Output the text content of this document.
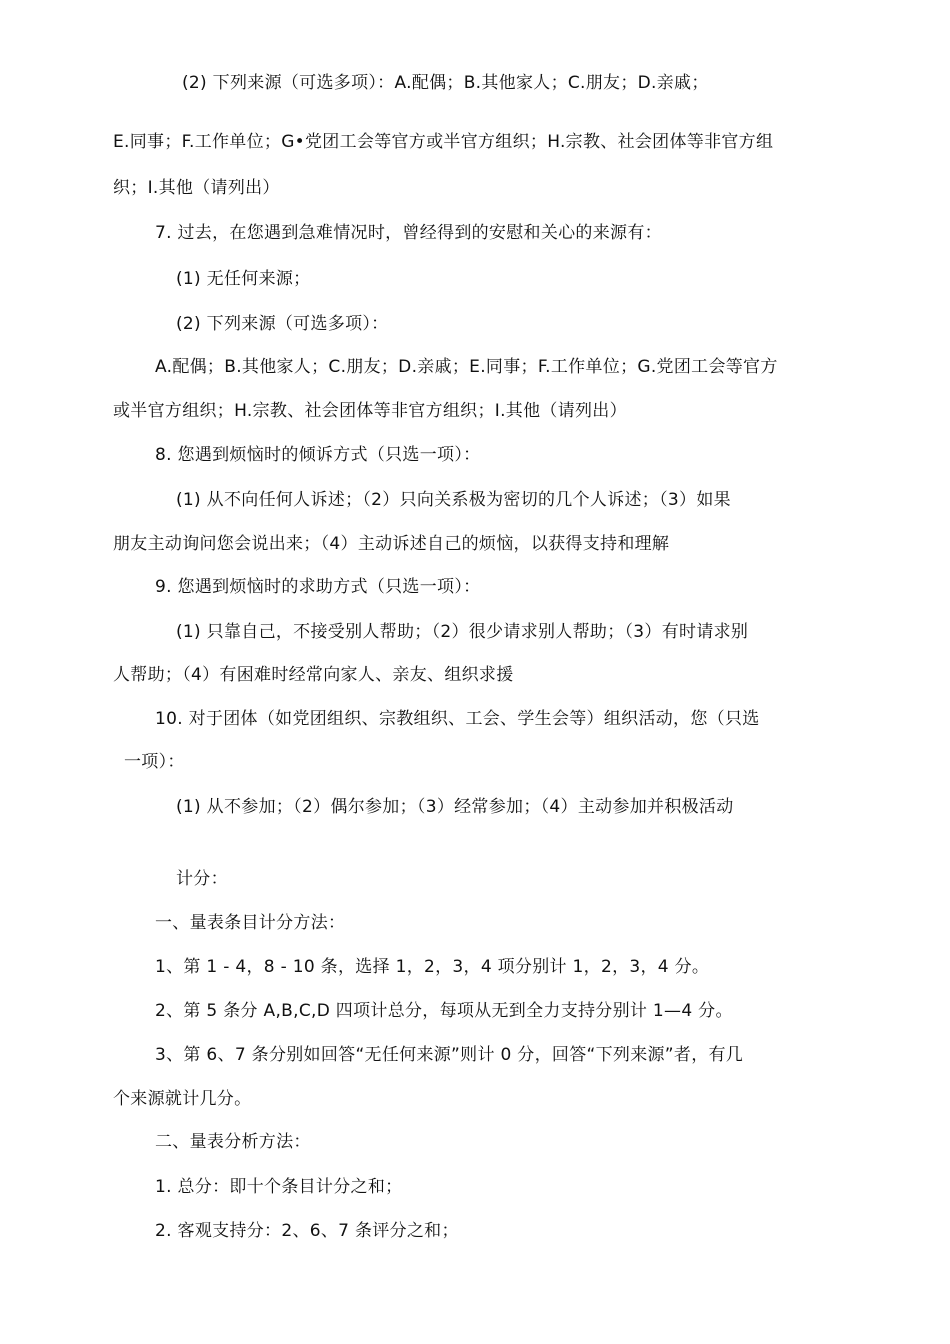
(2) 下列来源（可选多项）：A.配偶；B.其他家人；C.朋友；D.亲戚；
E.同事；F.工作单位；G•党团工会等官方或半官方组织；H.宗教、社会团体等非官方组
织；I.其他（请列出）
7. 过去，在您遇到急难情况时，曾经得到的安慰和关心的来源有：
(1) 无任何来源；
(2) 下列来源（可选多项）：
A.配偶；B.其他家人；C.朋友；D.亲戚；E.同事；F.工作单位；G.党团工会等官方
或半官方组织；H.宗教、社会团体等非官方组织；I.其他（请列出）
8. 您遇到烦恼时的倾诉方式（只选一项）：
(1) 从不向任何人诉述；（2）只向关系极为密切的几个人诉述；（3）如果
朋友主动询问您会说出来；（4）主动诉述自己的烦恼，以获得支持和理解
9. 您遇到烦恼时的求助方式（只选一项）：
(1) 只靠自己，不接受别人帮助；（2）很少请求别人帮助；（3）有时请求别
人帮助；（4）有困难时经常向家人、亲友、组织求援
10. 对于团体（如党团组织、宗教组织、工会、学生会等）组织活动，您（只选
一项）：
(1) 从不参加；（2）偶尔参加；（3）经常参加；（4）主动参加并积极活动
计分：
一、量表条目计分方法：
1、第 1 - 4，8 - 10 条，选择 1，2，3，4 项分别计 1，2，3，4 分。
2、第 5 条分 A,B,C,D 四项计总分，每项从无到全力支持分别计 1—4 分。
3、第 6、7 条分别如回答“无任何来源”则计 0 分，回答“下列来源”者，有几
个来源就计几分。
二、量表分析方法：
1. 总分：即十个条目计分之和；
2. 客观支持分：2、6、7 条评分之和；
